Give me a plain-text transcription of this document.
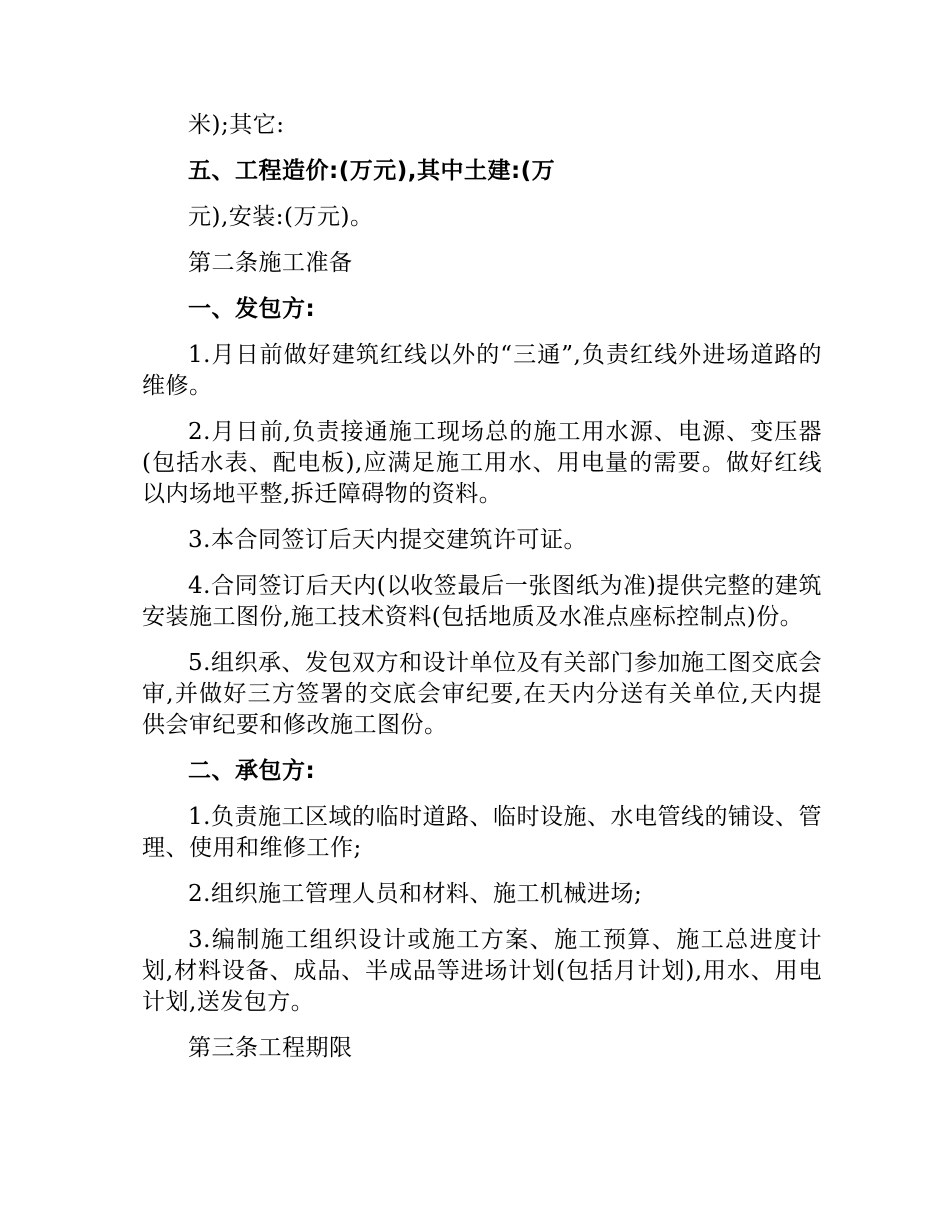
米);其它:

五、工程造价:(万元),其中土建:(万

元),安装:(万元)。

第二条施工准备

一、发包方:

1.月日前做好建筑红线以外的“三通”,负责红线外进场道路的维修。

2.月日前,负责接通施工现场总的施工用水源、电源、变压器(包括水表、配电板),应满足施工用水、用电量的需要。做好红线以内场地平整,拆迁障碍物的资料。

3.本合同签订后天内提交建筑许可证。

4.合同签订后天内(以收签最后一张图纸为准)提供完整的建筑安装施工图份,施工技术资料(包括地质及水准点座标控制点)份。

5.组织承、发包双方和设计单位及有关部门参加施工图交底会审,并做好三方签署的交底会审纪要,在天内分送有关单位,天内提供会审纪要和修改施工图份。

二、承包方:

1.负责施工区域的临时道路、临时设施、水电管线的铺设、管理、使用和维修工作;

2.组织施工管理人员和材料、施工机械进场;

3.编制施工组织设计或施工方案、施工预算、施工总进度计划,材料设备、成品、半成品等进场计划(包括月计划),用水、用电计划,送发包方。

第三条工程期限
